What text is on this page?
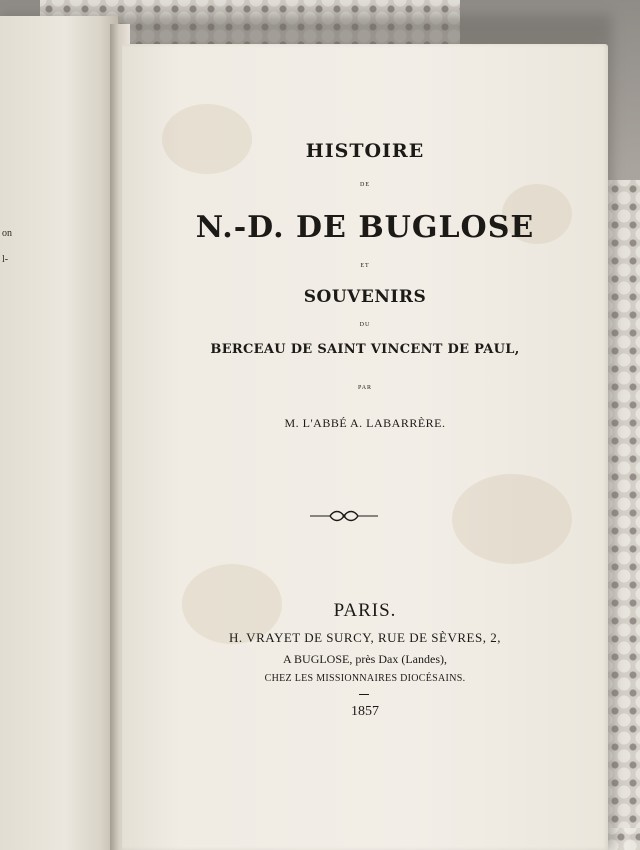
on
l-
HISTOIRE
DE
N.-D. DE BUGLOSE
ET
SOUVENIRS
DU
BERCEAU DE SAINT VINCENT DE PAUL,
PAR
M. L'ABBÉ A. LABARRÈRE.
PARIS.
H. VRAYET DE SURCY, RUE DE SÈVRES, 2,
A BUGLOSE, près Dax (Landes),
CHEZ LES MISSIONNAIRES DIOCÉSAINS.
1857
